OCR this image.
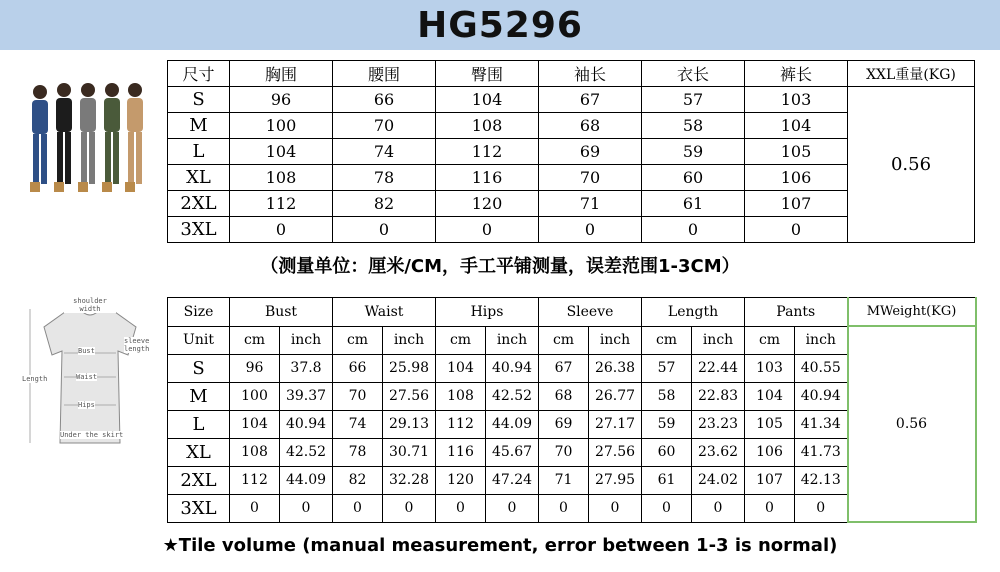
HG5296
尺寸	胸围	腰围	臀围	袖长	衣长	裤长	XXL重量(KG)
S	96	66	104	67	57	103	0.56
M	100	70	108	68	58	104	
L	104	74	112	69	59	105	
XL	108	78	116	70	60	106	
2XL	112	82	120	71	61	107	
3XL	0	0	0	0	0	0	
（测量单位：厘米/CM，手工平铺测量，误差范围1-3CM）
shoulder width
sleeve length
Length
Bust
Waist
Hips
Under the skirt
Size	Bust		Waist		Hips		Sleeve		Length		Pants		MWeight(KG)
Unit	cm	inch	cm	inch	cm	inch	cm	inch	cm	inch	cm	inch	0.56
S	96	37.8	66	25.98	104	40.94	67	26.38	57	22.44	103	40.55	
M	100	39.37	70	27.56	108	42.52	68	26.77	58	22.83	104	40.94	
L	104	40.94	74	29.13	112	44.09	69	27.17	59	23.23	105	41.34	
XL	108	42.52	78	30.71	116	45.67	70	27.56	60	23.62	106	41.73	
2XL	112	44.09	82	32.28	120	47.24	71	27.95	61	24.02	107	42.13	
3XL	0	0	0	0	0	0	0	0	0	0	0	0	
★Tile volume (manual measurement, error between 1-3 is normal)
